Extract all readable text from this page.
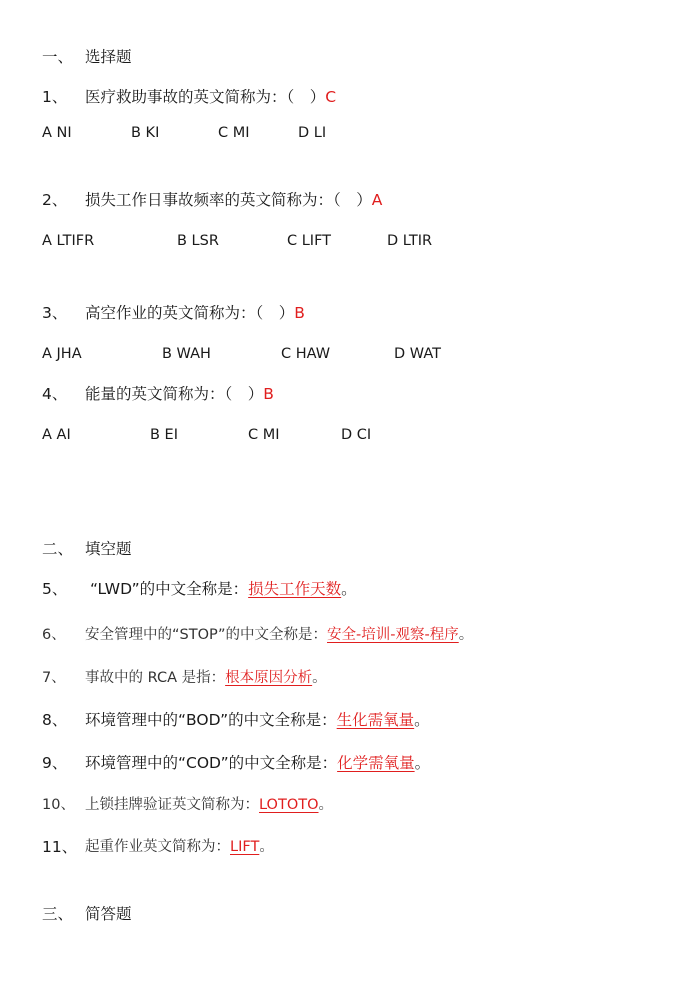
一、 选择题
1、 医疗救助事故的英文简称为：（　）C
A NI	B KI	C MI	D LI
2、 损失工作日事故频率的英文简称为：（　）A
A LTIFR	B LSR	C LIFT	D LTIR
3、 高空作业的英文简称为：（　）B
A JHA	B WAH	C HAW	D WAT
4、 能量的英文简称为：（　）B
A AI	B EI	C MI	D CI
二、 填空题
5、 “LWD”的中文全称是：损失工作天数。
6、 安全管理中的“STOP”的中文全称是：安全-培训-观察-程序。
7、 事故中的 RCA 是指：根本原因分析。
8、 环境管理中的“BOD”的中文全称是：生化需氧量。
9、 环境管理中的“COD”的中文全称是：化学需氧量。
10、 上锁挂牌验证英文简称为：LOTOTO。
11、 起重作业英文简称为：LIFT。
三、 简答题
